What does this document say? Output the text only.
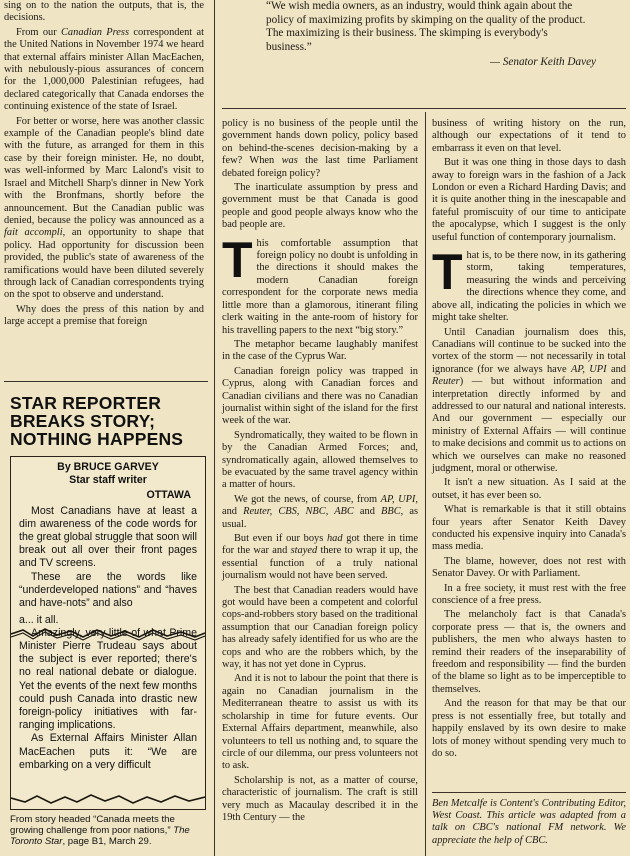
sing on to the nation the outputs, that is, the decisions.

From our Canadian Press correspondent at the United Nations in November 1974 we heard that external affairs minister Allan MacEachen, with nebulously-pious assurances of concern for the 1,000,000 Palestinian refugees, had declared categorically that Canada endorses the continuing existence of the state of Israel.

For better or worse, here was another classic example of the Canadian people's blind date with the future, as arranged for them in this case by their foreign minister. He, no doubt, was well-informed by Marc Lalond's visit to Israel and Mitchell Sharp's dinner in New York with the Bronfmans, shortly before the announcement. But the Canadian public was denied, because the policy was announced as a fait accompli, an opportunity to shape that policy. Had opportunity for discussion been provided, the public's state of awareness of the ramifications would have been diluted severely through lack of Canadian correspondents trying on the spot to observe and understand.

Why does the press of this nation by and large accept a premise that foreign

“We wish media owners, as an industry, would think again about the policy of maximizing profits by skimping on the quality of the product. The maximizing is their business. The skimping is everybody's business.”
— Senator Keith Davey
STAR REPORTER BREAKS STORY; NOTHING HAPPENS
By BRUCE GARVEY
Star staff writer
OTTAWA

Most Canadians have at least a dim awareness of the code words for the great global struggle that soon will break out all over their front pages and TV screens.

These are the words like “underdeveloped nations” and “haves and have-nots” and also

a... it all.

Amazingly, very little of what Prime Minister Pierre Trudeau says about the subject is ever reported; there's no real national debate or dialogue. Yet the events of the next few months could push Canada into drastic new foreign-policy initiatives with far-ranging implications.

As External Affairs Minister Allan MacEachen puts it: “We are embarking on a very difficult

From story headed “Canada meets the growing challenge from poor nations,” The Toronto Star, page B1, March 29.

policy is no business of the people until the government hands down policy, policy based on behind-the-scenes decision-making by a few? When was the last time Parliament debated foreign policy?

The inarticulate assumption by press and government must be that Canada is good people and good people always know who the bad people are.

This comfortable assumption that foreign policy no doubt is unfolding in the directions it should makes the modern Canadian foreign correspondent for the corporate news media little more than a glamorous, itinerant filing clerk waiting in the ante-room of history for his travelling papers to the next “big story.”

The metaphor became laughably manifest in the case of the Cyprus War.

Canadian foreign policy was trapped in Cyprus, along with Canadian forces and Canadian civilians and there was no Canadian journalist within sight of the island for the first week of the war.

Syndromatically, they waited to be flown in by the Canadian Armed Forces; and, syndromatically again, allowed themselves to be evacuated by the same travel agency within a matter of hours.

We got the news, of course, from AP, UPI, and Reuter, CBS, NBC, ABC and BBC, as usual.

But even if our boys had got there in time for the war and stayed there to wrap it up, the essential function of a truly national journalism would not have been served.

The best that Canadian readers would have got would have been a competent and colorful cops-and-robbers story based on the traditional assumption that our Canadian foreign policy has already safely identified for us who are the cops and who are the robbers which, by the way, it has not yet done in Cyprus.

And it is not to labour the point that there is again no Canadian journalism in the Mediterranean theatre to assist us with its scholarship in time for future events. Our External Affairs department, meanwhile, also volunteers to tell us nothing and, to square the circle of our dilemma, our press volunteers not to ask.

Scholarship is not, as a matter of course, characteristic of journalism. The craft is still very much as Macaulay described it in the 19th Century — the

business of writing history on the run, although our expectations of it tend to embarrass it even on that level.

But it was one thing in those days to dash away to foreign wars in the fashion of a Jack London or even a Richard Harding Davis; and it is quite another thing in the inescapable and fateful promiscuity of our time to anticipate the apocalypse, which I suggest is the only useful function of contemporary journalism.

That is, to be there now, in its gathering storm, taking temperatures, measuring the winds and perceiving the directions whence they come, and above all, indicating the policies in which we might take shelter.

Until Canadian journalism does this, Canadians will continue to be sucked into the vortex of the storm — not necessarily in total ignorance (for we always have AP, UPI and Reuter) — but without information and interpretation directly informed by and addressed to our natural and national interests. And our government — especially our ministry of External Affairs — will continue to make decisions and commit us to actions on which we ourselves can make no reasoned judgment, moral or otherwise.

It isn't a new situation. As I said at the outset, it has ever been so.

What is remarkable is that it still obtains four years after Senator Keith Davey conducted his expensive inquiry into Canada's mass media.

The blame, however, does not rest with Senator Davey. Or with Parliament.

In a free society, it must rest with the free conscience of a free press.

The melancholy fact is that Canada's corporate press — that is, the owners and publishers, the men who always hasten to remind their readers of the inseparability of freedom and responsibility — find the burden of the blame so light as to be imperceptible to themselves.

And the reason for that may be that our press is not essentially free, but totally and happily enslaved by its own desire to make lots of money without spending very much to do so.

Ben Metcalfe is Content's Contributing Editor, West Coast. This article was adapted from a talk on CBC's national FM network. We appreciate the help of CBC.
